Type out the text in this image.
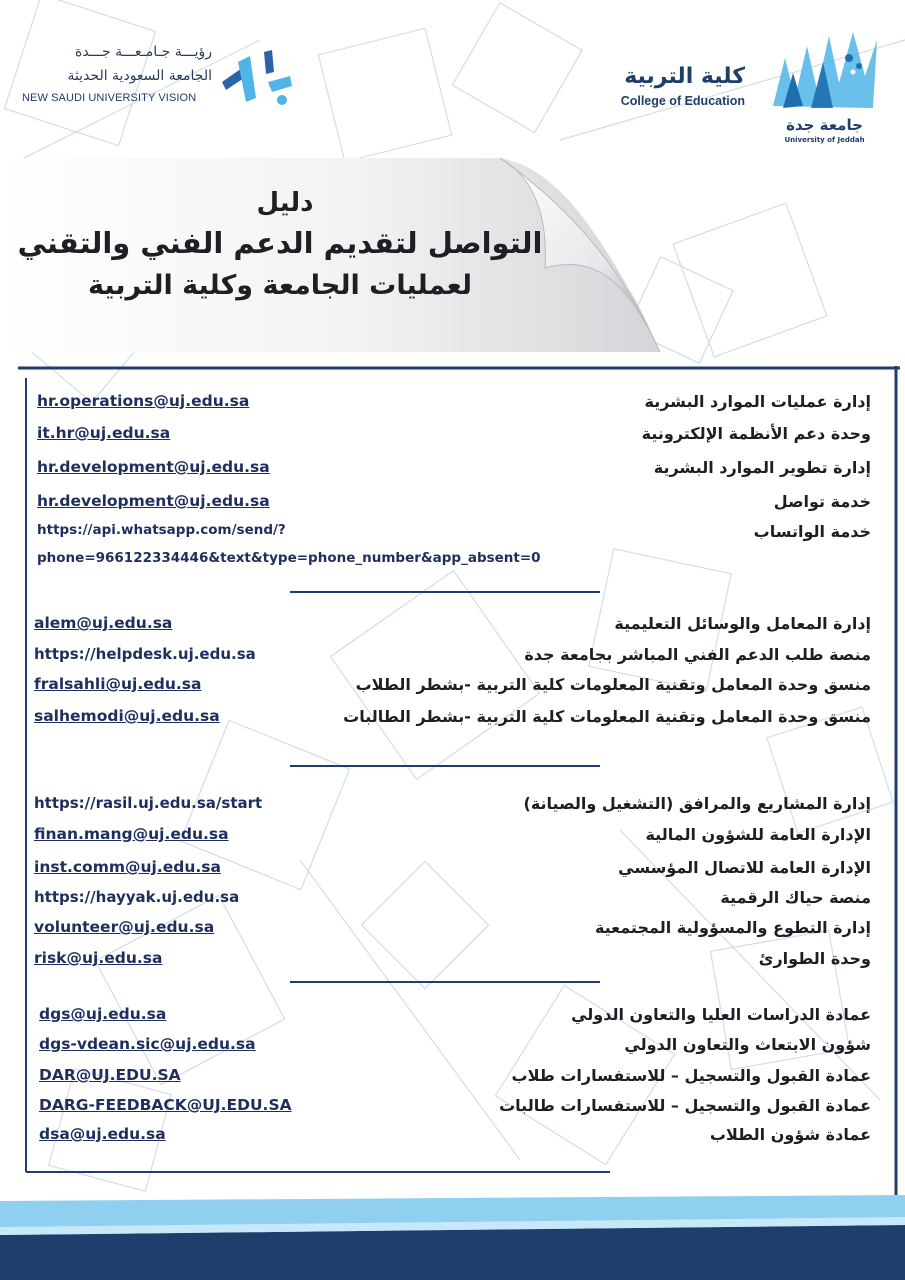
جامعة جدة
University of Jeddah
كلية التربية
College of Education
رؤيـــة جـامـعـــة جـــدة
الجامعة السعودية الحديثة
NEW SAUDI UNIVERSITY VISION
دليل
التواصل لتقديم الدعم الفني والتقني
لعمليات الجامعة وكلية التربية
إدارة عمليات الموارد البشرية
hr.operations@uj.edu.sa
وحدة دعم الأنظمة الإلكترونية
it.hr@uj.edu.sa
إدارة تطوير الموارد البشرية
hr.development@uj.edu.sa
خدمة تواصل
hr.development@uj.edu.sa
خدمة الواتساب
https://api.whatsapp.com/send/?
phone=966122334446&text&type=phone_number&app_absent=0
إدارة المعامل والوسائل التعليمية
alem@uj.edu.sa
منصة طلب الدعم الفني المباشر بجامعة جدة
https://helpdesk.uj.edu.sa
منسق وحدة المعامل وتقنية المعلومات كلية التربية -بشطر الطلاب
fralsahli@uj.edu.sa
منسق وحدة المعامل وتقنية المعلومات كلية التربية -بشطر الطالبات
salhemodi@uj.edu.sa
إدارة المشاريع والمرافق (التشغيل والصيانة)
https://rasil.uj.edu.sa/start
الإدارة العامة للشؤون المالية
finan.mang@uj.edu.sa
الإدارة العامة للاتصال المؤسسي
inst.comm@uj.edu.sa
منصة حياك الرقمية
https://hayyak.uj.edu.sa
إدارة التطوع والمسؤولية المجتمعية
volunteer@uj.edu.sa
وحدة الطوارئ
risk@uj.edu.sa
عمادة الدراسات العليا والتعاون الدولي
dgs@uj.edu.sa
شؤون الابتعاث والتعاون الدولي
dgs-vdean.sic@uj.edu.sa
عمادة القبول والتسجيل – للاستفسارات طلاب
DAR@UJ.EDU.SA
عمادة القبول والتسجيل – للاستفسارات طالبات
DARG-FEEDBACK@UJ.EDU.SA
عمادة شؤون الطلاب
dsa@uj.edu.sa
